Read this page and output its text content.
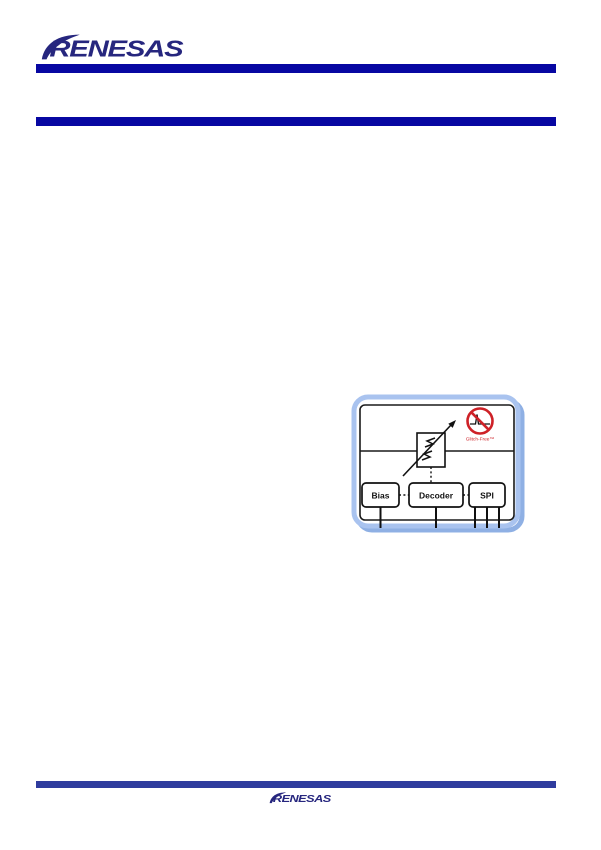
RENESAS
Glitch-Free™
Bias	Decoder	SPI
RENESAS
